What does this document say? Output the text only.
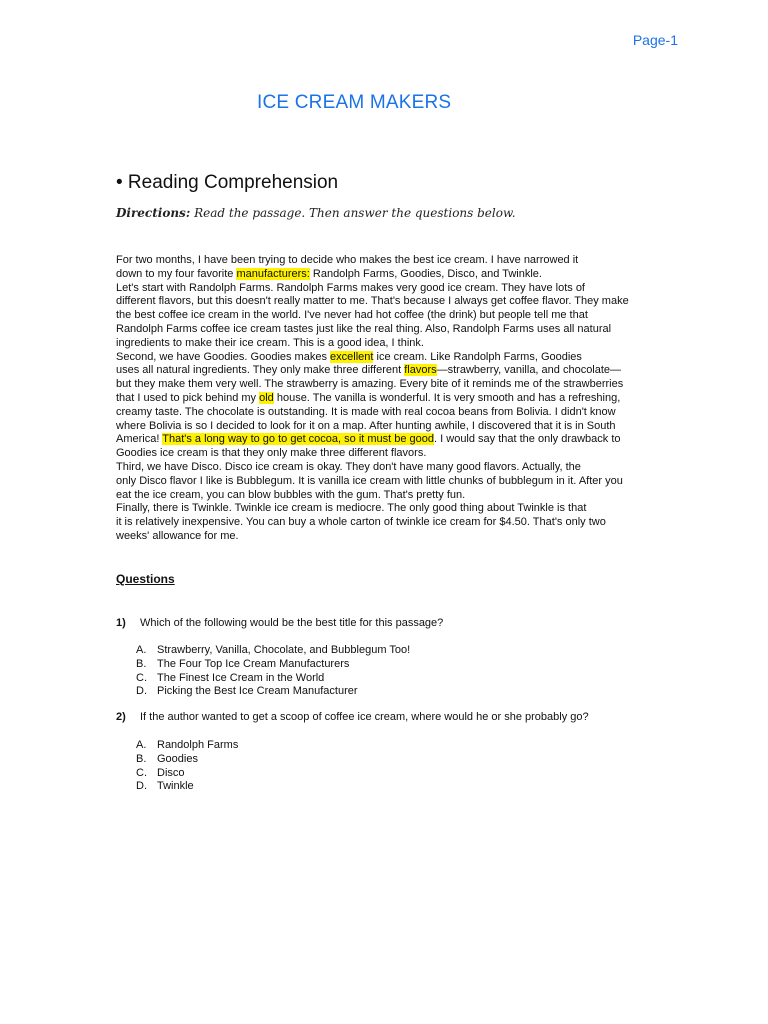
Page-1
ICE CREAM MAKERS
• Reading Comprehension
Directions: Read the passage. Then answer the questions below.
For two months, I have been trying to decide who makes the best ice cream. I have narrowed it
down to my four favorite manufacturers: Randolph Farms, Goodies, Disco, and Twinkle.
Let's start with Randolph Farms. Randolph Farms makes very good ice cream. They have lots of
different flavors, but this doesn't really matter to me. That's because I always get coffee flavor. They make
the best coffee ice cream in the world. I've never had hot coffee (the drink) but people tell me that
Randolph Farms coffee ice cream tastes just like the real thing. Also, Randolph Farms uses all natural
ingredients to make their ice cream. This is a good idea, I think.
Second, we have Goodies. Goodies makes excellent ice cream. Like Randolph Farms, Goodies
uses all natural ingredients. They only make three different flavors—strawberry, vanilla, and chocolate—
but they make them very well. The strawberry is amazing. Every bite of it reminds me of the strawberries
that I used to pick behind my old house. The vanilla is wonderful. It is very smooth and has a refreshing,
creamy taste. The chocolate is outstanding. It is made with real cocoa beans from Bolivia. I didn't know
where Bolivia is so I decided to look for it on a map. After hunting awhile, I discovered that it is in South
America! That's a long way to go to get cocoa, so it must be good. I would say that the only drawback to
Goodies ice cream is that they only make three different flavors.
Third, we have Disco. Disco ice cream is okay. They don't have many good flavors. Actually, the
only Disco flavor I like is Bubblegum. It is vanilla ice cream with little chunks of bubblegum in it. After you
eat the ice cream, you can blow bubbles with the gum. That's pretty fun.
Finally, there is Twinkle. Twinkle ice cream is mediocre. The only good thing about Twinkle is that
it is relatively inexpensive. You can buy a whole carton of twinkle ice cream for $4.50. That's only two
weeks' allowance for me.
Questions
1) Which of the following would be the best title for this passage?
A. Strawberry, Vanilla, Chocolate, and Bubblegum Too!
B. The Four Top Ice Cream Manufacturers
C. The Finest Ice Cream in the World
D. Picking the Best Ice Cream Manufacturer
2) If the author wanted to get a scoop of coffee ice cream, where would he or she probably go?
A. Randolph Farms
B. Goodies
C. Disco
D. Twinkle
